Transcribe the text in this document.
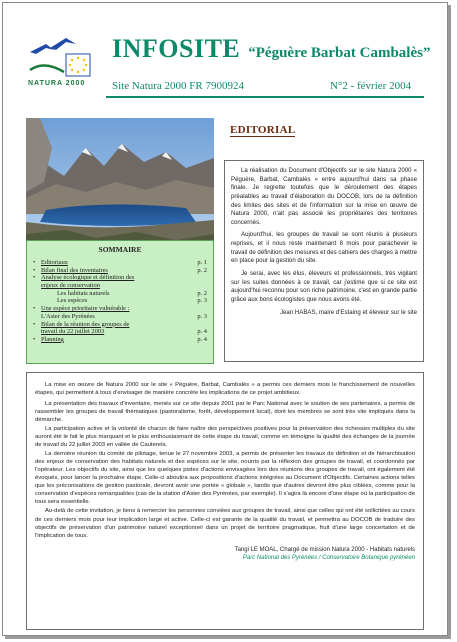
NATURA 2000
INFOSITE “Péguère Barbat Cambalès”
Site Natura 2000 FR 7900924	N°2 - février 2004
EDITORIAL

La réalisation du Document d'Objectifs sur le site Natura 2000 « Péguère, Barbat, Cambalès » entre aujourd'hui dans sa phase finale. Je regrette toutefois que le déroulement des étapes préalables au travail d'élaboration du DOCOB, lors de la définition des limites des sites et de l'information sur la mise en œuvre de Natura 2000, n'ait pas associé les propriétaires des territoires concernés.

Aujourd'hui, les groupes de travail se sont réunis à plusieurs reprises, et il nous reste maintenant 8 mois pour parachever le travail de définition des mesures et des cahiers des charges à mettre en place pour la gestion du site.

Je serai, avec les élus, éleveurs et professionnels, très vigilant sur les suites données à ce travail, car j'estime que si ce site est aujourd'hui reconnu pour son riche patrimoine, c'est en grande partie grâce aux bons écologistes que nous avons été.

Jean HABAS, maire d'Estaing et éleveur sur le site

SOMMAIRE
• Editoriaux	p. 1
• Bilan final des inventaires	p. 2
• Analyse écologique et définition des
enjeux de conservation
Les habitats naturels	p. 2
Les espèces	p. 3
• Une espèce prioritaire vulnérable :
L'Aster des Pyrénées	p. 3
• Bilan de la réunion des groupes de
travail du 22 juillet 2003	p. 4
• Planning	p. 4

La mise en œuvre de Natura 2000 sur le site « Péguère, Barbat, Cambalès » a permis ces derniers mois le franchissement de nouvelles étapes, qui permettent à tous d'envisager de manière concrète les implications de ce projet ambitieux.

La présentation des travaux d'inventaire, menés sur ce site depuis 2001 par le Parc National avec le soutien de ses partenaires, a permis de rassembler les groupes de travail thématiques (pastoralisme, forêt, développement local), dont les membres se sont très vite impliqués dans la démarche.

La participation active et la volonté de chacun de faire naître des perspectives positives pour la préservation des richesses multiples du site auront été le fait le plus marquant et le plus enthousiasmant de cette étape du travail, comme en témoigne la qualité des échanges de la journée de travail du 22 juillet 2003 en vallée de Cauterets.

La dernière réunion du comité de pilotage, tenue le 27 novembre 2003, a permis de présenter les travaux de définition et de hiérarchisation des enjeux de conservation des habitats naturels et des espèces sur le site, nourris par la réflexion des groupes de travail, et coordonnés par l'opérateur. Les objectifs du site, ainsi que les quelques pistes d'actions envisagées lors des réunions des groupes de travail, ont également été évoqués, pour lancer la prochaine étape. Celle-ci aboutira aux propositions d'actions intégrées au Document d'Objectifs. Certaines actions telles que les préconisations de gestion pastorale, devront avoir une portée « globale », tandis que d'autres devront être plus ciblées, comme pour la conservation d'espèces remarquables (cas de la station d'Aster des Pyrénées, par exemple). Il s'agira là encore d'une étape où la participation de tous sera essentielle.

Au-delà de cette invitation, je tiens à remercier les personnes conviées aux groupes de travail, ainsi que celles qui ont été sollicitées au cours de ces derniers mois pour leur implication large et active. Celle-ci est garante de la qualité du travail, et permettra au DOCOB de traduire des objectifs de préservation d'un patrimoine naturel exceptionnel dans un projet de territoire pragmatique, fruit d'une large concertation et de l'implication de tous.

Tangi LE MOAL, Chargé de mission Natura 2000 - Habitats naturels
Parc National des Pyrénées / Conservatoire Botanique pyrénéen
